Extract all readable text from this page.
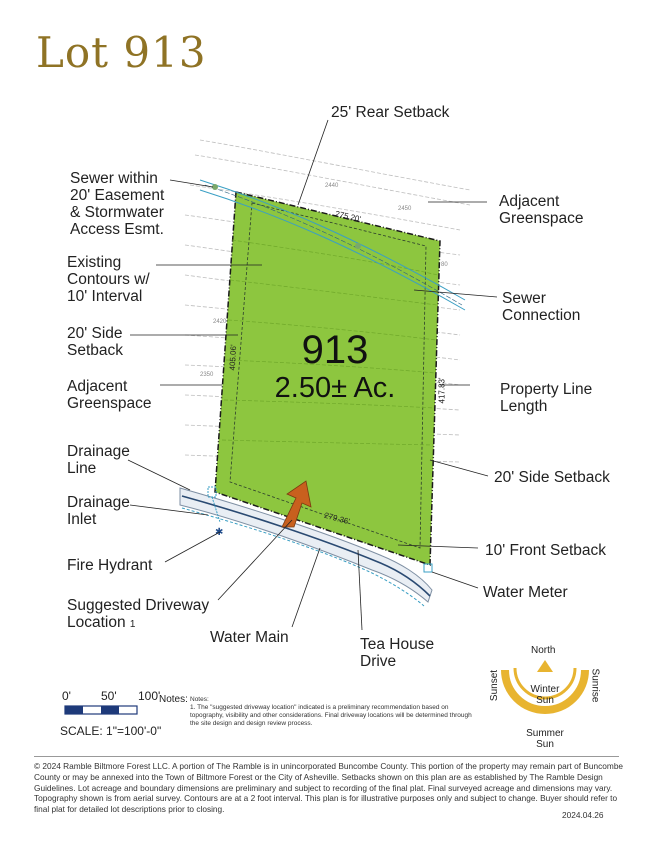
Lot 913
✱
275.20'
279.36'
405.06'
417.83'
2440
2450
2420
2350
80
913
2.50± Ac.
25' Rear Setback
Sewer within
20' Easement
& Stormwater
Access Esmt.
Adjacent
Greenspace
Existing
Contours w/
10' Interval	Sewer
Connection
20' Side
Setback
Adjacent
Greenspace
Property Line
Length
Drainage
Line
20' Side Setback
Drainage
Inlet
10' Front Setback
Fire Hydrant
Water Meter
Suggested Driveway
Location 1
Water Main	Tea House
Drive
0'	50' 100'
SCALE: 1"=100'-0"
Notes: Notes:
1. The "suggested driveway location" indicated is a preliminary recommendation based on topography, visibility and other considerations. Final driveway locations will be determined through the site design and design review process.
North
Sunset	Sunrise
Winter
Sun
Summer
Sun
© 2024 Ramble Biltmore Forest LLC. A portion of The Ramble is in unincorporated Buncombe County. This portion of the property may remain part of Buncombe County or may be annexed into the Town of Biltmore Forest or the City of Asheville. Setbacks shown on this plan are as established by The Ramble Design Guidelines. Lot acreage and boundary dimensions are preliminary and subject to recording of the final plat. Final surveyed acreage and dimensions may vary. Topography shown is from aerial survey. Contours are at a 2 foot interval. This plan is for illustrative purposes only and subject to change. Buyer should refer to final plat for detailed lot descriptions prior to closing.
2024.04.26
